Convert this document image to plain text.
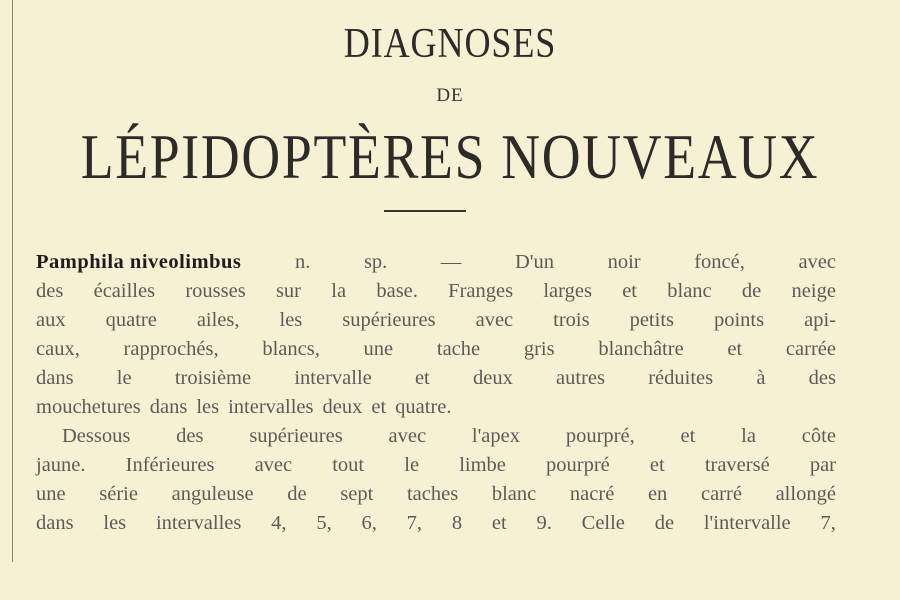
DIAGNOSES
DE
LÉPIDOPTÈRES NOUVEAUX
Pamphila niveolimbus	n.	sp.	—	D'un	noir	foncé,	avec
des écailles rousses sur la base. Franges larges et blanc de neige
aux quatre ailes, les supérieures avec trois petits points api-
caux, rapprochés, blancs, une tache gris blanchâtre et carrée
dans le troisième intervalle et deux autres réduites à des
mouchetures dans les intervalles deux et quatre.
Dessous des supérieures avec l'apex pourpré, et la côte
jaune. Inférieures avec tout le limbe pourpré et traversé par
une série anguleuse de sept taches blanc nacré en carré allongé
dans les intervalles 4, 5, 6, 7, 8 et 9. Celle de l'intervalle 7,
